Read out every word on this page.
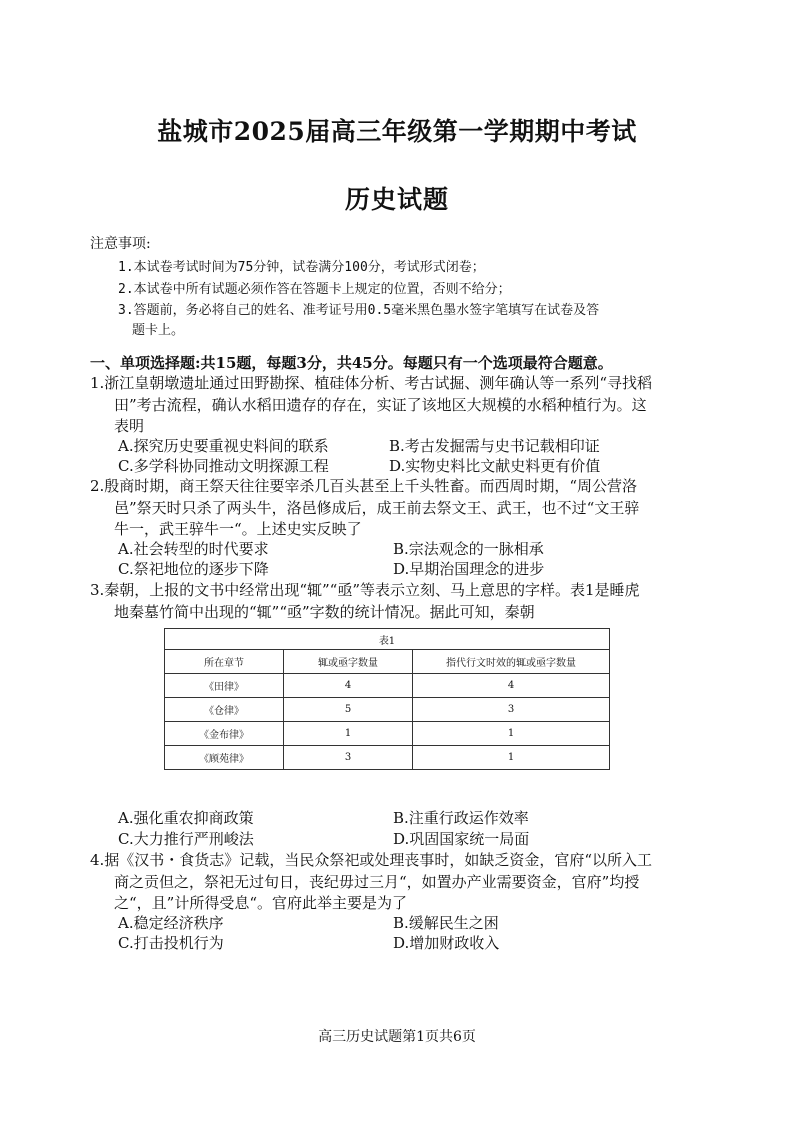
盐城市2025届高三年级第一学期期中考试
历史试题
注意事项:
1.本试卷考试时间为75分钟，试卷满分100分，考试形式闭卷；
2.本试卷中所有试题必须作答在答题卡上规定的位置，否则不给分；
3.答题前，务必将自己的姓名、准考证号用0.5毫米黑色墨水签字笔填写在试卷及答
题卡上。
一、单项选择题:共15题，每题3分，共45分。每题只有一个选项最符合题意。
1.浙江皇朝墩遗址通过田野勘探、植硅体分析、考古试掘、测年确认等一系列“寻找稻
田”考古流程，确认水稻田遗存的存在，实证了该地区大规模的水稻种植行为。这
表明
A.探究历史要重视史料间的联系	B.考古发掘需与史书记载相印证
C.多学科协同推动文明探源工程	D.实物史料比文献史料更有价值
2.殷商时期，商王祭天往往要宰杀几百头甚至上千头牲畜。而西周时期，“周公营洛
邑”祭天时只杀了两头牛，洛邑修成后，成王前去祭文王、武王，也不过“文王骍
牛一，武王骍牛一“。上述史实反映了
A.社会转型的时代要求	B.宗法观念的一脉相承
C.祭祀地位的逐步下降	D.早期治国理念的进步
3.秦朝，上报的文书中经常出现“辄”“亟”等表示立刻、马上意思的字样。表1是睡虎
地秦墓竹简中出现的“辄”“亟”字数的统计情况。据此可知，秦朝
表1		
所在章节	辄或亟字数量	指代行文时效的辄或亟字数量
《田律》	4	4
《仓律》	5	3
《金布律》	1	1
《顾苑律》	3	1
A.强化重农抑商政策	B.注重行政运作效率
C.大力推行严刑峻法	D.巩固国家统一局面
4.据《汉书・食货志》记载，当民众祭祀或处理丧事时，如缺乏资金，官府“以所入工
商之贡但之，祭祀无过旬日，丧纪毋过三月“，如置办产业需要资金，官府”均授
之“，且”计所得受息“。官府此举主要是为了
A.稳定经济秩序	B.缓解民生之困
C.打击投机行为	D.增加财政收入
高三历史试题第1页共6页
